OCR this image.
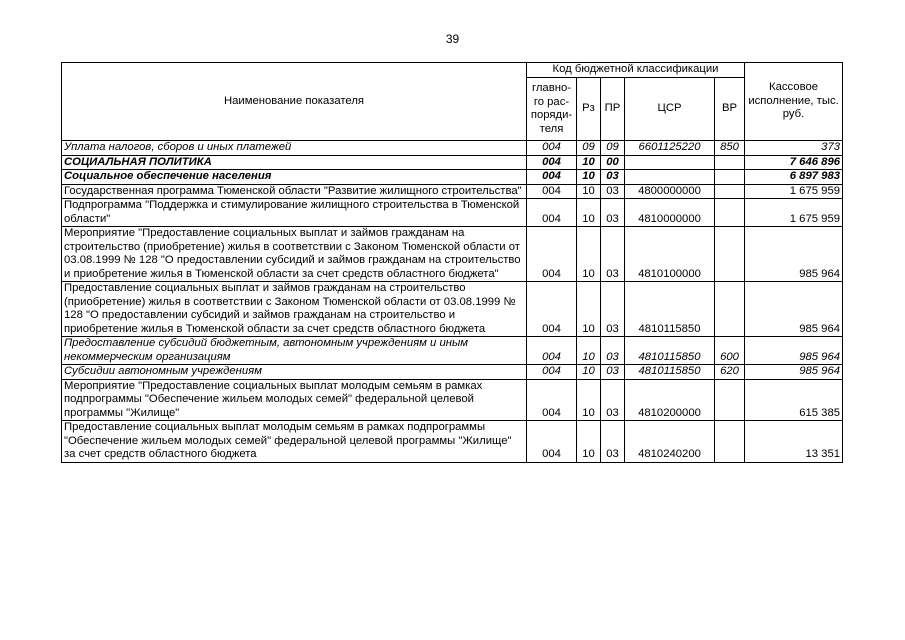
39
Наименование показателя	Код бюджетной классификации					Кассовое исполнение, тыс. руб.
	главно-го рас-поряди-теля	Рз	ПР	ЦСР	ВР	
Уплата налогов, сборов и иных платежей	004	09	09	6601125220	850	373
СОЦИАЛЬНАЯ ПОЛИТИКА	004	10	00			7 646 896
Социальное обеспечение населения	004	10	03			6 897 983
Государственная программа Тюменской области "Развитие жилищного строительства"	004	10	03	4800000000		1 675 959
Подпрограмма "Поддержка и стимулирование жилищного строительства в Тюменской области"	004	10	03	4810000000		1 675 959
Мероприятие "Предоставление социальных выплат и займов гражданам на строительство (приобретение) жилья в соответствии с Законом Тюменской области от 03.08.1999 № 128 "О предоставлении субсидий и займов гражданам на строительство и приобретение жилья в Тюменской области за счет средств областного бюджета"	004	10	03	4810100000		985 964
Предоставление социальных выплат и займов гражданам на строительство (приобретение) жилья в соответствии с Законом Тюменской области от 03.08.1999 № 128 "О предоставлении субсидий и займов гражданам на строительство и приобретение жилья в Тюменской области за счет средств областного бюджета	004	10	03	4810115850		985 964
Предоставление субсидий бюджетным, автономным учреждениям и иным некоммерческим организациям	004	10	03	4810115850	600	985 964
Субсидии автономным учреждениям	004	10	03	4810115850	620	985 964
Мероприятие "Предоставление социальных выплат молодым семьям в рамках подпрограммы "Обеспечение жильем молодых семей" федеральной целевой программы "Жилище"	004	10	03	4810200000		615 385
Предоставление социальных выплат молодым семьям в рамках подпрограммы "Обеспечение жильем молодых семей" федеральной целевой программы "Жилище" за счет средств областного бюджета	004	10	03	4810240200		13 351
